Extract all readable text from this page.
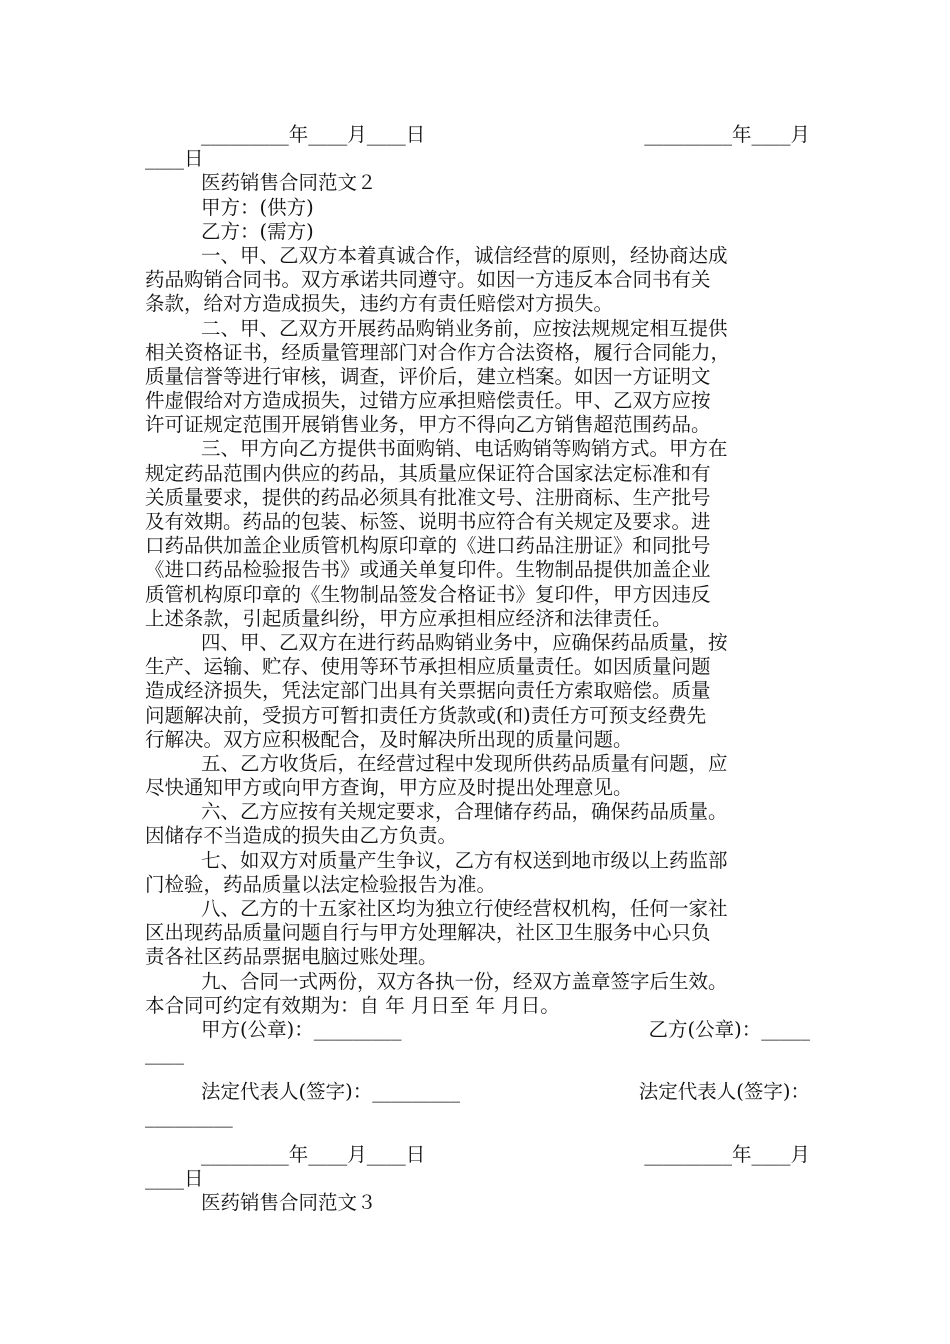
_________年____月____日	_________年____月
____日
医药销售合同范文２
甲方：(供方)
乙方：(需方)
一、甲、乙双方本着真诚合作，诚信经营的原则，经协商达成
药品购销合同书。双方承诺共同遵守。如因一方违反本合同书有关
条款，给对方造成损失，违约方有责任赔偿对方损失。
二、甲、乙双方开展药品购销业务前，应按法规规定相互提供
相关资格证书，经质量管理部门对合作方合法资格，履行合同能力，
质量信誉等进行审核，调查，评价后，建立档案。如因一方证明文
件虚假给对方造成损失，过错方应承担赔偿责任。甲、乙双方应按
许可证规定范围开展销售业务，甲方不得向乙方销售超范围药品。
三、甲方向乙方提供书面购销、电话购销等购销方式。甲方在
规定药品范围内供应的药品，其质量应保证符合国家法定标准和有
关质量要求，提供的药品必须具有批准文号、注册商标、生产批号
及有效期。药品的包装、标签、说明书应符合有关规定及要求。进
口药品供加盖企业质管机构原印章的《进口药品注册证》和同批号
《进口药品检验报告书》或通关单复印件。生物制品提供加盖企业
质管机构原印章的《生物制品签发合格证书》复印件，甲方因违反
上述条款，引起质量纠纷，甲方应承担相应经济和法律责任。
四、甲、乙双方在进行药品购销业务中，应确保药品质量，按
生产、运输、贮存、使用等环节承担相应质量责任。如因质量问题
造成经济损失，凭法定部门出具有关票据向责任方索取赔偿。质量
问题解决前，受损方可暂扣责任方货款或(和)责任方可预支经费先
行解决。双方应积极配合，及时解决所出现的质量问题。
五、乙方收货后，在经营过程中发现所供药品质量有问题，应
尽快通知甲方或向甲方查询，甲方应及时提出处理意见。
六、乙方应按有关规定要求，合理储存药品，确保药品质量。
因储存不当造成的损失由乙方负责。
七、如双方对质量产生争议，乙方有权送到地市级以上药监部
门检验，药品质量以法定检验报告为准。
八、乙方的十五家社区均为独立行使经营权机构，任何一家社
区出现药品质量问题自行与甲方处理解决，社区卫生服务中心只负
责各社区药品票据电脑过账处理。
九、合同一式两份，双方各执一份，经双方盖章签字后生效。
本合同可约定有效期为：自 年 月日至 年 月日。
甲方(公章)：_________	乙方(公章)：_____
____
法定代表人(签字)：_________	法定代表人(签字)：
_________
_________年____月____日	_________年____月
____日
医药销售合同范文３
